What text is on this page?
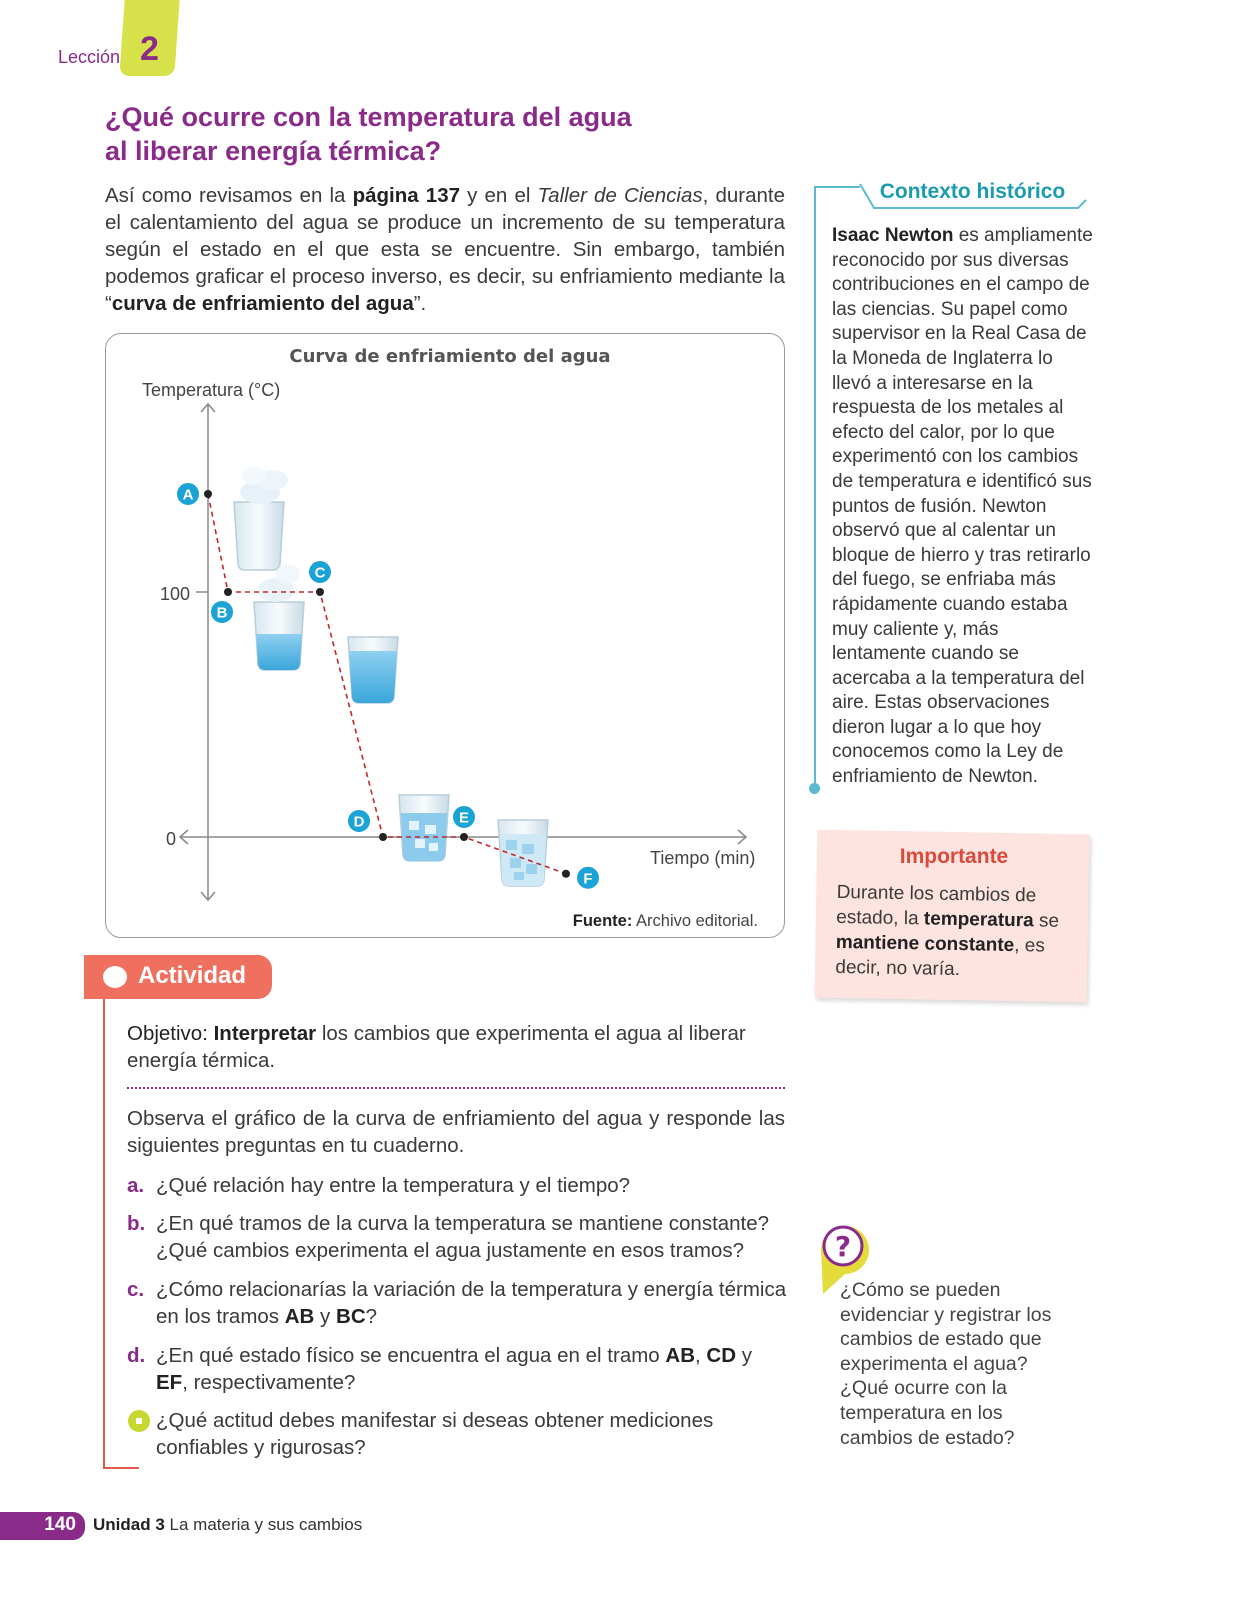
Lección 2
¿Qué ocurre con la temperatura del agua
al liberar energía térmica?

Así como revisamos en la página 137 y en el Taller de Ciencias, durante el calentamiento del agua se produce un incremento de su temperatura según el estado en el que esta se encuentre. Sin embargo, también podemos graficar el proceso inverso, es decir, su enfriamiento mediante la “curva de enfriamiento del agua”.

Curva de enfriamiento del agua
Temperatura (°C)
Tiempo (min)
100
0
A
B
C
D	E
F
Fuente: Archivo editorial.
Contexto histórico

Isaac Newton es ampliamente reconocido por sus diversas contribuciones en el campo de las ciencias. Su papel como supervisor en la Real Casa de la Moneda de Inglaterra lo llevó a interesarse en la respuesta de los metales al efecto del calor, por lo que experimentó con los cambios de temperatura e identificó sus puntos de fusión. Newton observó que al calentar un bloque de hierro y tras retirarlo del fuego, se enfriaba más rápidamente cuando estaba muy caliente y, más lentamente cuando se acercaba a la temperatura del aire. Estas observaciones dieron lugar a lo que hoy conocemos como la Ley de enfriamiento de Newton.

Importante

Durante los cambios de estado, la temperatura se mantiene constante, es decir, no varía.

Actividad

Objetivo: Interpretar los cambios que experimenta el agua al liberar energía térmica.

Observa el gráfico de la curva de enfriamiento del agua y responde las siguientes preguntas en tu cuaderno.

a. ¿Qué relación hay entre la temperatura y el tiempo?
b. ¿En qué tramos de la curva la temperatura se mantiene constante? ¿Qué cambios experimenta el agua justamente en esos tramos?
c. ¿Cómo relacionarías la variación de la temperatura y energía térmica en los tramos AB y BC?
d. ¿En qué estado físico se encuentra el agua en el tramo AB, CD y EF, respectivamente?
¿Qué actitud debes manifestar si deseas obtener mediciones confiables y rigurosas?
?

¿Cómo se pueden evidenciar y registrar los cambios de estado que experimenta el agua? ¿Qué ocurre con la temperatura en los cambios de estado?

140 Unidad 3 La materia y sus cambios
